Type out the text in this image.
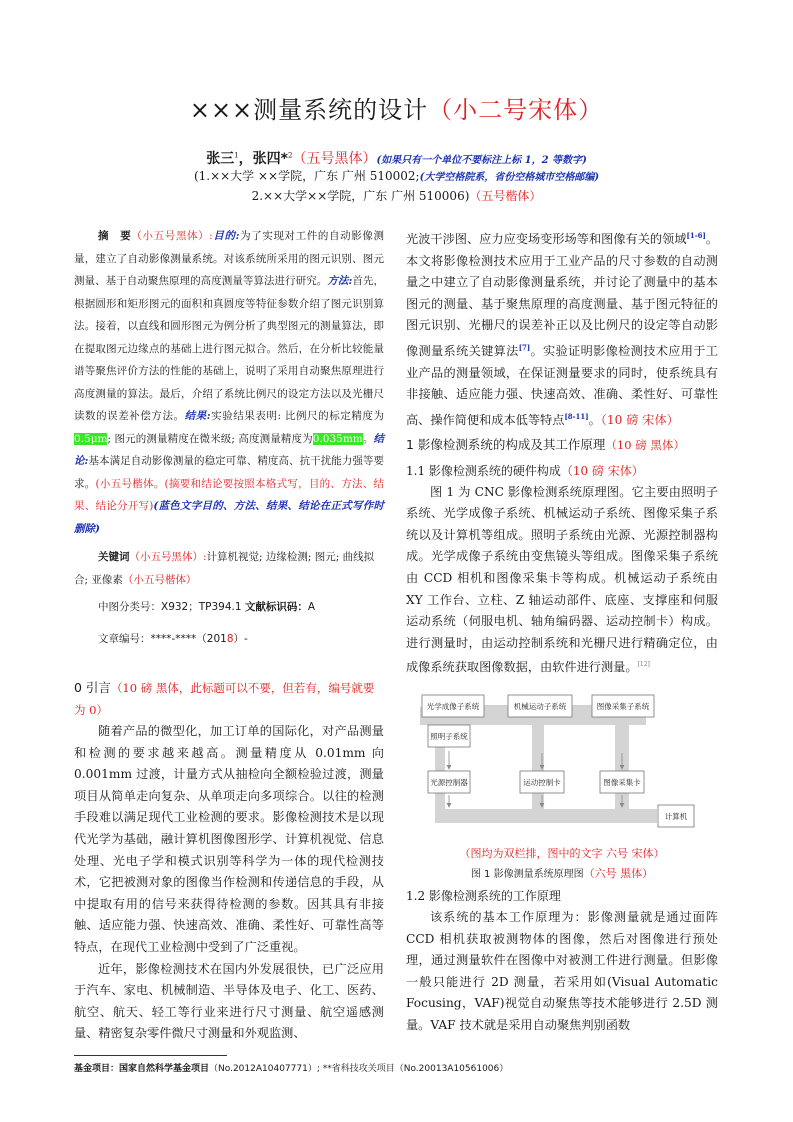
×××测量系统的设计（小二号宋体）
张三$^1$，张四*$^2$（五号黑体）(如果只有一个单位不要标注上标 1，2 等数字)
(1.××大学 ××学院，广东 广州 510002;(大学空格院系，省份空格城市空格邮编)
2.××大学××学院，广东 广州 510006)（五号楷体）

摘　要（小五号黑体）:目的:为了实现对工件的自动影像测量，建立了自动影像测量系统。对该系统所采用的图元识别、图元测量、基于自动聚焦原理的高度测量等算法进行研究。方法:首先，根据圆形和矩形图元的面积和真圆度等特征参数介绍了图元识别算法。接着，以直线和圆形图元为例分析了典型图元的测量算法，即在提取图元边缘点的基础上进行图元拟合。然后，在分析比较能量谱等聚焦评价方法的性能的基础上，说明了采用自动聚焦原理进行高度测量的算法。最后，介绍了系统比例尺的设定方法以及光栅尺读数的误差补偿方法。结果:实验结果表明: 比例尺的标定精度为0.5μm; 图元的测量精度在微米级; 高度测量精度为0.035mm。结论:基本满足自动影像测量的稳定可靠、精度高、抗干扰能力强等要求。(小五号楷体。(摘要和结论要按照本格式写，目的、方法、结果、结论分开写)(蓝色文字目的、方法、结果、结论在正式写作时删除)

关键词（小五号黑体）:计算机视觉; 边缘检测; 图元; 曲线拟合; 亚像素（小五号楷体）

中图分类号：X932；TP394.1 文献标识码：A

文章编号：****-****（2018）-

0 引言（10 磅 黑体，此标题可以不要，但若有，编号就要为 0）

随着产品的微型化，加工订单的国际化，对产品测量和检测的要求越来越高。测量精度从 0.01mm 向 0.001mm 过渡，计量方式从抽检向全额检验过渡，测量项目从简单走向复杂、从单项走向多项综合。以往的检测手段难以满足现代工业检测的要求。影像检测技术是以现代光学为基础，融计算机图像图形学、计算机视觉、信息处理、光电子学和模式识别等科学为一体的现代检测技术，它把被测对象的图像当作检测和传递信息的手段，从中提取有用的信号来获得待检测的参数。因其具有非接触、适应能力强、快速高效、准确、柔性好、可靠性高等特点，在现代工业检测中受到了广泛重视。

近年，影像检测技术在国内外发展很快，已广泛应用于汽车、家电、机械制造、半导体及电子、化工、医药、航空、航天、轻工等行业来进行尺寸测量、航空遥感测量、精密复杂零件微尺寸测量和外观监测、

光波干涉图、应力应变场变形场等和图像有关的领域[1-6]。本文将影像检测技术应用于工业产品的尺寸参数的自动测量之中建立了自动影像测量系统，并讨论了测量中的基本图元的测量、基于聚焦原理的高度测量、基于图元特征的图元识别、光栅尺的误差补正以及比例尺的设定等自动影像测量系统关键算法[7]。实验证明影像检测技术应用于工业产品的测量领域，在保证测量要求的同时，使系统具有非接触、适应能力强、快速高效、准确、柔性好、可靠性高、操作简便和成本低等特点[8-11]。（10 磅 宋体）

1 影像检测系统的构成及其工作原理（10 磅 黑体）

1.1 影像检测系统的硬件构成（10 磅 宋体）

图 1 为 CNC 影像检测系统原理图。它主要由照明子系统、光学成像子系统、机械运动子系统、图像采集子系统以及计算机等组成。照明子系统由光源、光源控制器构成。光学成像子系统由变焦镜头等组成。图像采集子系统由 CCD 相机和图像采集卡等构成。机械运动子系统由 XY 工作台、立柱、Z 轴运动部件、底座、支撑座和伺服运动系统（伺服电机、轴角编码器、运动控制卡）构成。进行测量时，由运动控制系统和光栅尺进行精确定位，由成像系统获取图像数据，由软件进行测量。[12]

光学成像子系统	机械运动子系统	图像采集子系统
照明子系统
光源控制器	运动控制卡	图像采集卡
计算机

（图均为双栏排，图中的文字 六号 宋体）

图 1 影像测量系统原理图（六号 黑体）

1.2 影像检测系统的工作原理

该系统的基本工作原理为：影像测量就是通过面阵 CCD 相机获取被测物体的图像，然后对图像进行预处理，通过测量软件在图像中对被测工件进行测量。但影像一般只能进行 2D 测量，若采用如(Visual Automatic Focusing，VAF)视觉自动聚焦等技术能够进行 2.5D 测量。VAF 技术就是采用自动聚焦判别函数

基金项目：国家自然科学基金项目（No.2012A10407771）; **省科技攻关项目（No.20013A10561006）
